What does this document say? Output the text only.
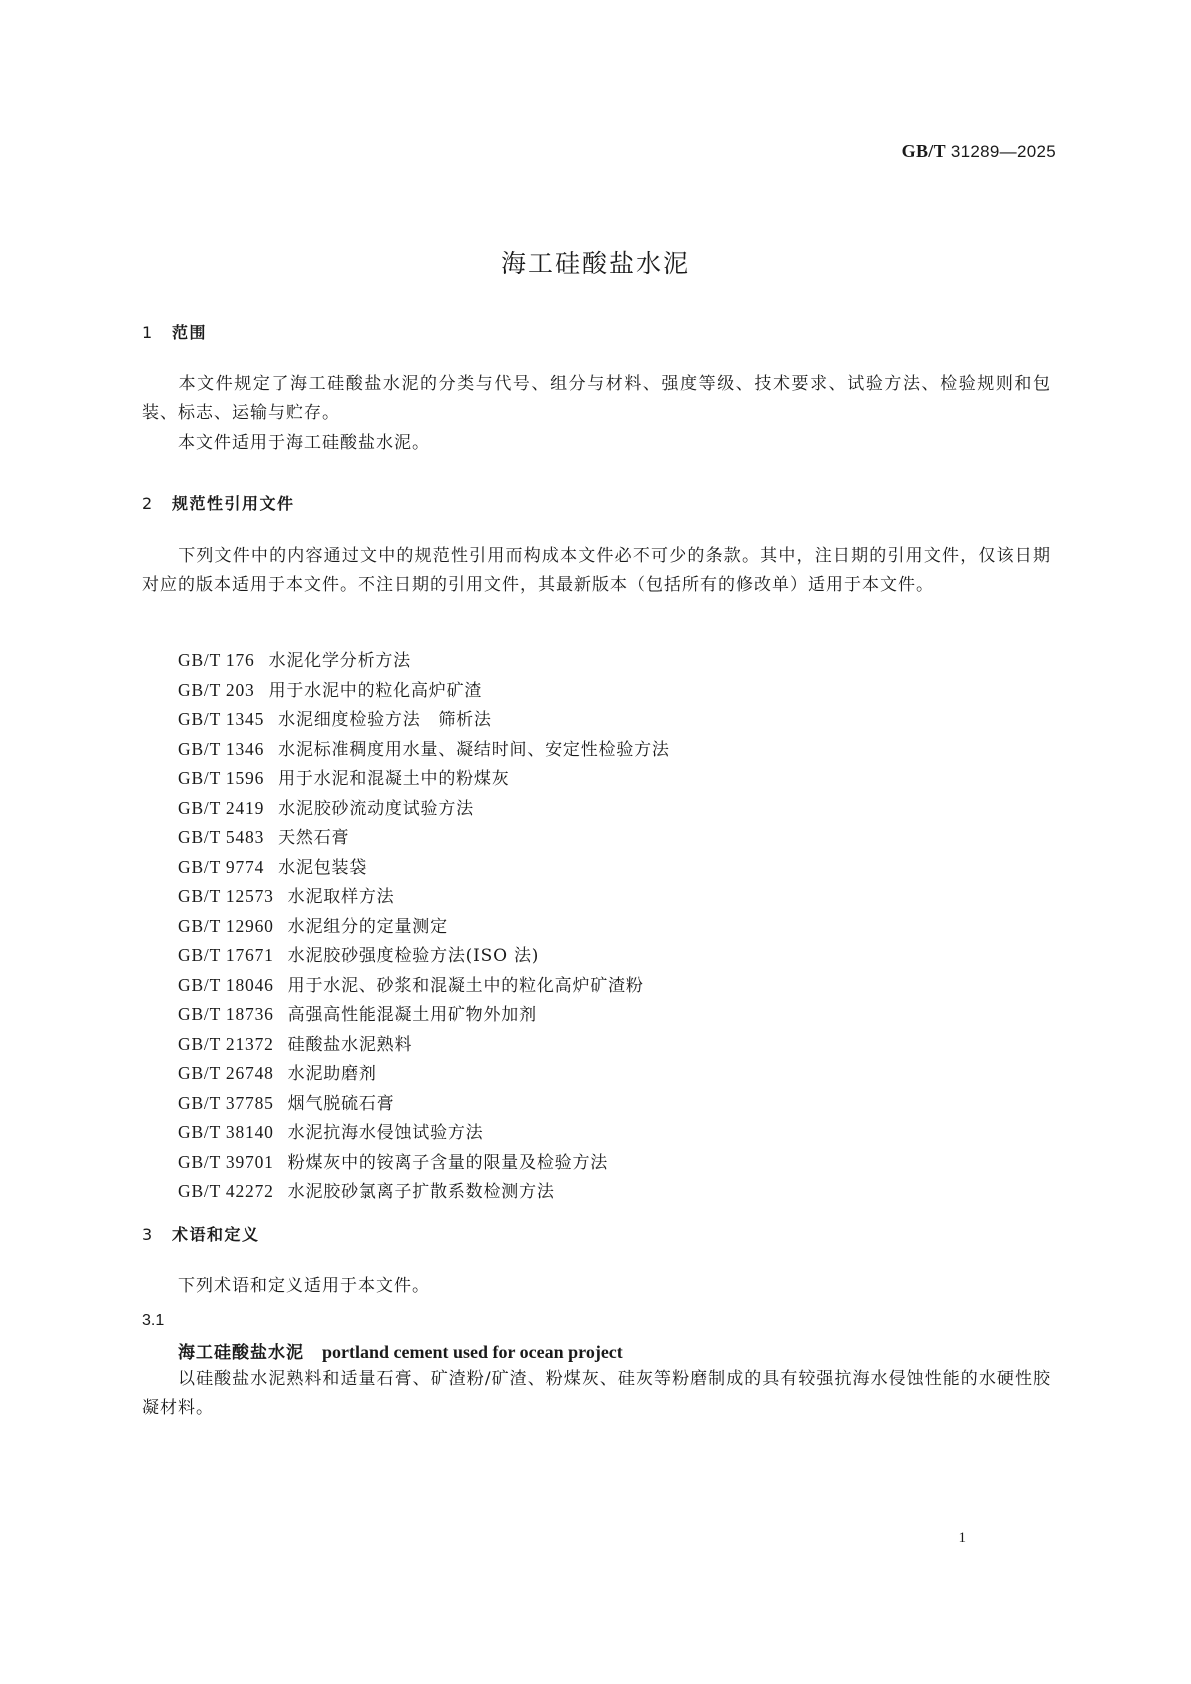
GB/T 31289—2025
海工硅酸盐水泥
1 范围
本文件规定了海工硅酸盐水泥的分类与代号、组分与材料、强度等级、技术要求、试验方法、检验规则和包装、标志、运输与贮存。
本文件适用于海工硅酸盐水泥。
2 规范性引用文件
下列文件中的内容通过文中的规范性引用而构成本文件必不可少的条款。其中，注日期的引用文件，仅该日期对应的版本适用于本文件。不注日期的引用文件，其最新版本（包括所有的修改单）适用于本文件。
GB/T 176 水泥化学分析方法
GB/T 203 用于水泥中的粒化高炉矿渣
GB/T 1345 水泥细度检验方法　筛析法
GB/T 1346 水泥标准稠度用水量、凝结时间、安定性检验方法
GB/T 1596 用于水泥和混凝土中的粉煤灰
GB/T 2419 水泥胶砂流动度试验方法
GB/T 5483 天然石膏
GB/T 9774 水泥包装袋
GB/T 12573 水泥取样方法
GB/T 12960 水泥组分的定量测定
GB/T 17671 水泥胶砂强度检验方法(ISO 法)
GB/T 18046 用于水泥、砂浆和混凝土中的粒化高炉矿渣粉
GB/T 18736 高强高性能混凝土用矿物外加剂
GB/T 21372 硅酸盐水泥熟料
GB/T 26748 水泥助磨剂
GB/T 37785 烟气脱硫石膏
GB/T 38140 水泥抗海水侵蚀试验方法
GB/T 39701 粉煤灰中的铵离子含量的限量及检验方法
GB/T 42272 水泥胶砂氯离子扩散系数检测方法
3 术语和定义
下列术语和定义适用于本文件。
3.1
海工硅酸盐水泥 portland cement used for ocean project
以硅酸盐水泥熟料和适量石膏、矿渣粉/矿渣、粉煤灰、硅灰等粉磨制成的具有较强抗海水侵蚀性能的水硬性胶凝材料。
1
